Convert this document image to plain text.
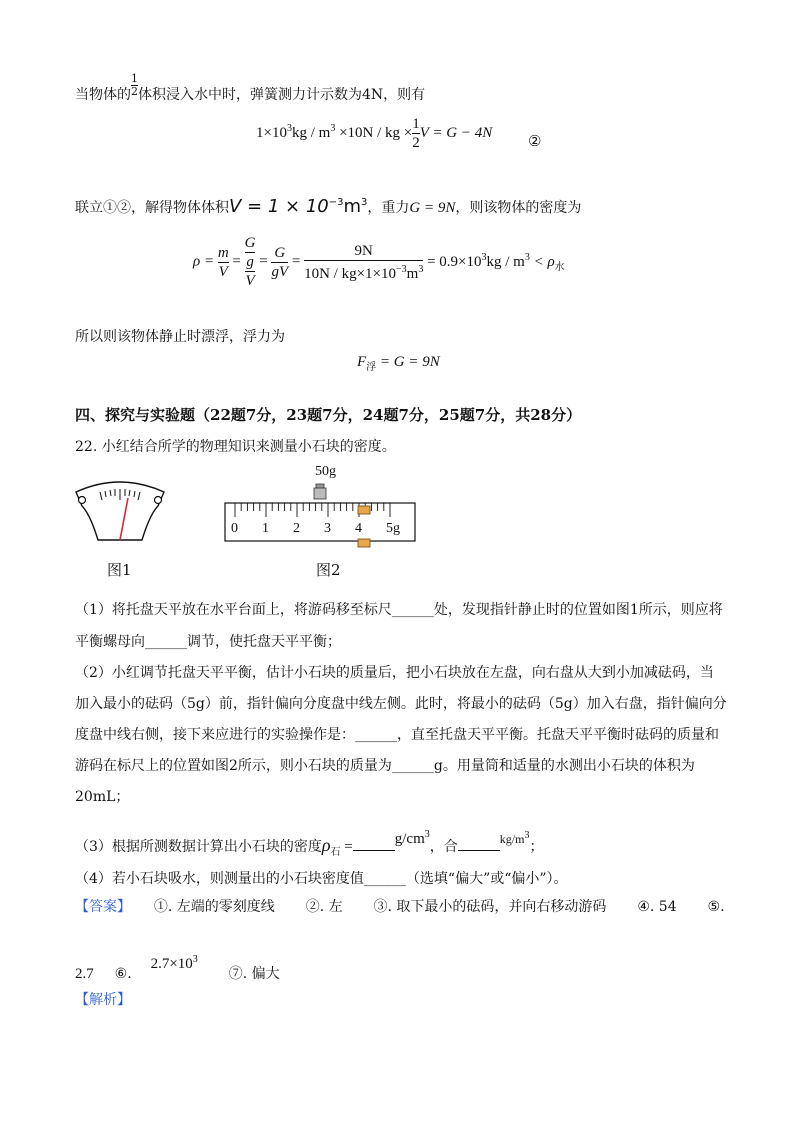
当物体的 $\frac{1}{2}$ 体积浸入水中时，弹簧测力计示数为4N，则有
$1\times 10^3kg / m^3 \times 10N$ / kg × $\frac{1}{2}$ V = G − 4N
②
联立①②，解得物体体积$V = 1 \times 10^{-3}m^3$，重力G = 9N，则该物体的密度为
$\rho = \frac{m}{V}$ =
G
g
V
= $\frac{G}{gV} = \frac{9N}{10N / kg\times 1\times 10^{-3}m^3} = 0.9\times 10^3kg / m^3 < \rho_水$
所以则该物体静止时漂浮，浮力为
$F_浮 = G = 9N$
四、探究与实验题（22题7分，23题7分，24题7分，25题7分，共28分）
22. 小红结合所学的物理知识来测量小石块的密度。
50g
0 1 2 3 4 5g
图1	图2
（1）将托盘天平放在水平台面上，将游码移至标尺______处，发现指针静止时的位置如图1所示，则应将
平衡螺母向______调节，使托盘天平平衡；
（2）小红调节托盘天平平衡，估计小石块的质量后，把小石块放在左盘，向右盘从大到小加减砝码，当
加入最小的砝码（5g）前，指针偏向分度盘中线左侧。此时，将最小的砝码（5g）加入右盘，指针偏向分
度盘中线右侧，接下来应进行的实验操作是：______，直至托盘天平平衡。托盘天平平衡时砝码的质量和
游码在标尺上的位置如图2所示，则小石块的质量为______g。用量筒和适量的水测出小石块的体积为
20mL；
（3）根据所测数据计算出小石块的密度$\rho_石$ =	$g/cm^3$，合	$kg/m^3$；
（4）若小石块吸水，则测量出的小石块密度值______（选填“偏大”或“偏小”）。
【答案】 ①. 左端的零刻度线 ②. 左 ③. 取下最小的砝码，并向右移动游码 ④. 54 ⑤.
2.7 ⑥.  $2.7\times 10^3$  ⑦. 偏大
【解析】
